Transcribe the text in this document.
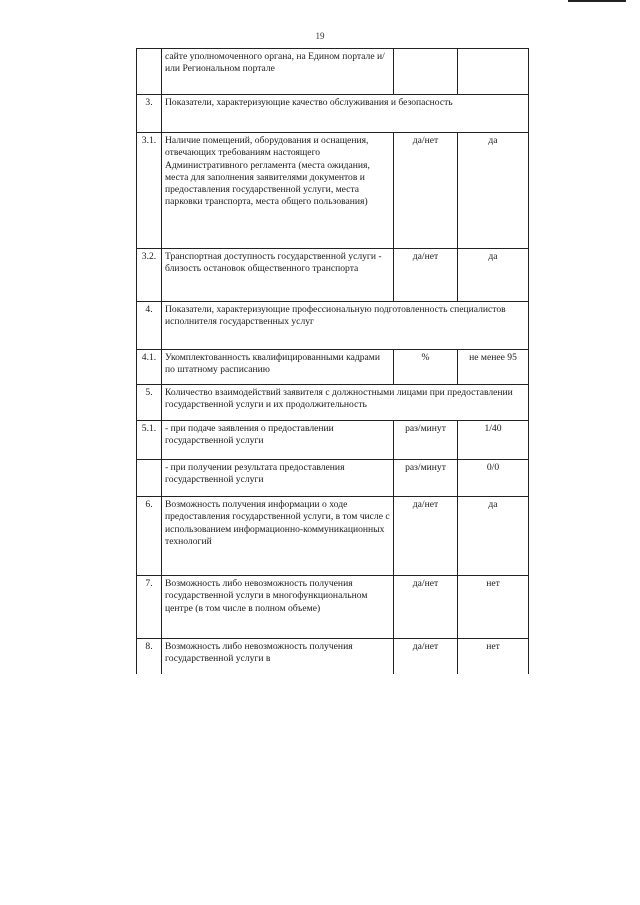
19
	сайте уполномоченного органа, на Едином портале и/или Региональном портале		
3.	Показатели, характеризующие качество обслуживания и безопасность		
3.1.	Наличие помещений, оборудования и оснащения, отвечающих требованиям настоящего Административного регламента (места ожидания, места для заполнения заявителями документов и предоставления государственной услуги, места парковки транспорта, места общего пользования)	да/нет	да
3.2.	Транспортная доступность государственной услуги - близость остановок общественного транспорта	да/нет	да
4.	Показатели, характеризующие профессиональную подготовленность специалистов исполнителя государственных услуг		
4.1.	Укомплектованность квалифицированными кадрами по штатному расписанию	%	не менее 95
5.	Количество взаимодействий заявителя с должностными лицами при предоставлении государственной услуги и их продолжительность		
5.1.	- при подаче заявления о предоставлении государственной услуги	раз/минут	1/40
	- при получении результата предоставления государственной услуги	раз/минут	0/0
6.	Возможность получения информации о ходе предоставления государственной услуги, в том числе с использованием информационно-коммуникационных технологий	да/нет	да
7.	Возможность либо невозможность получения государственной услуги в многофункциональном центре (в том числе в полном объеме)	да/нет	нет
8.	Возможность либо невозможность получения государственной услуги в	да/нет	нет
